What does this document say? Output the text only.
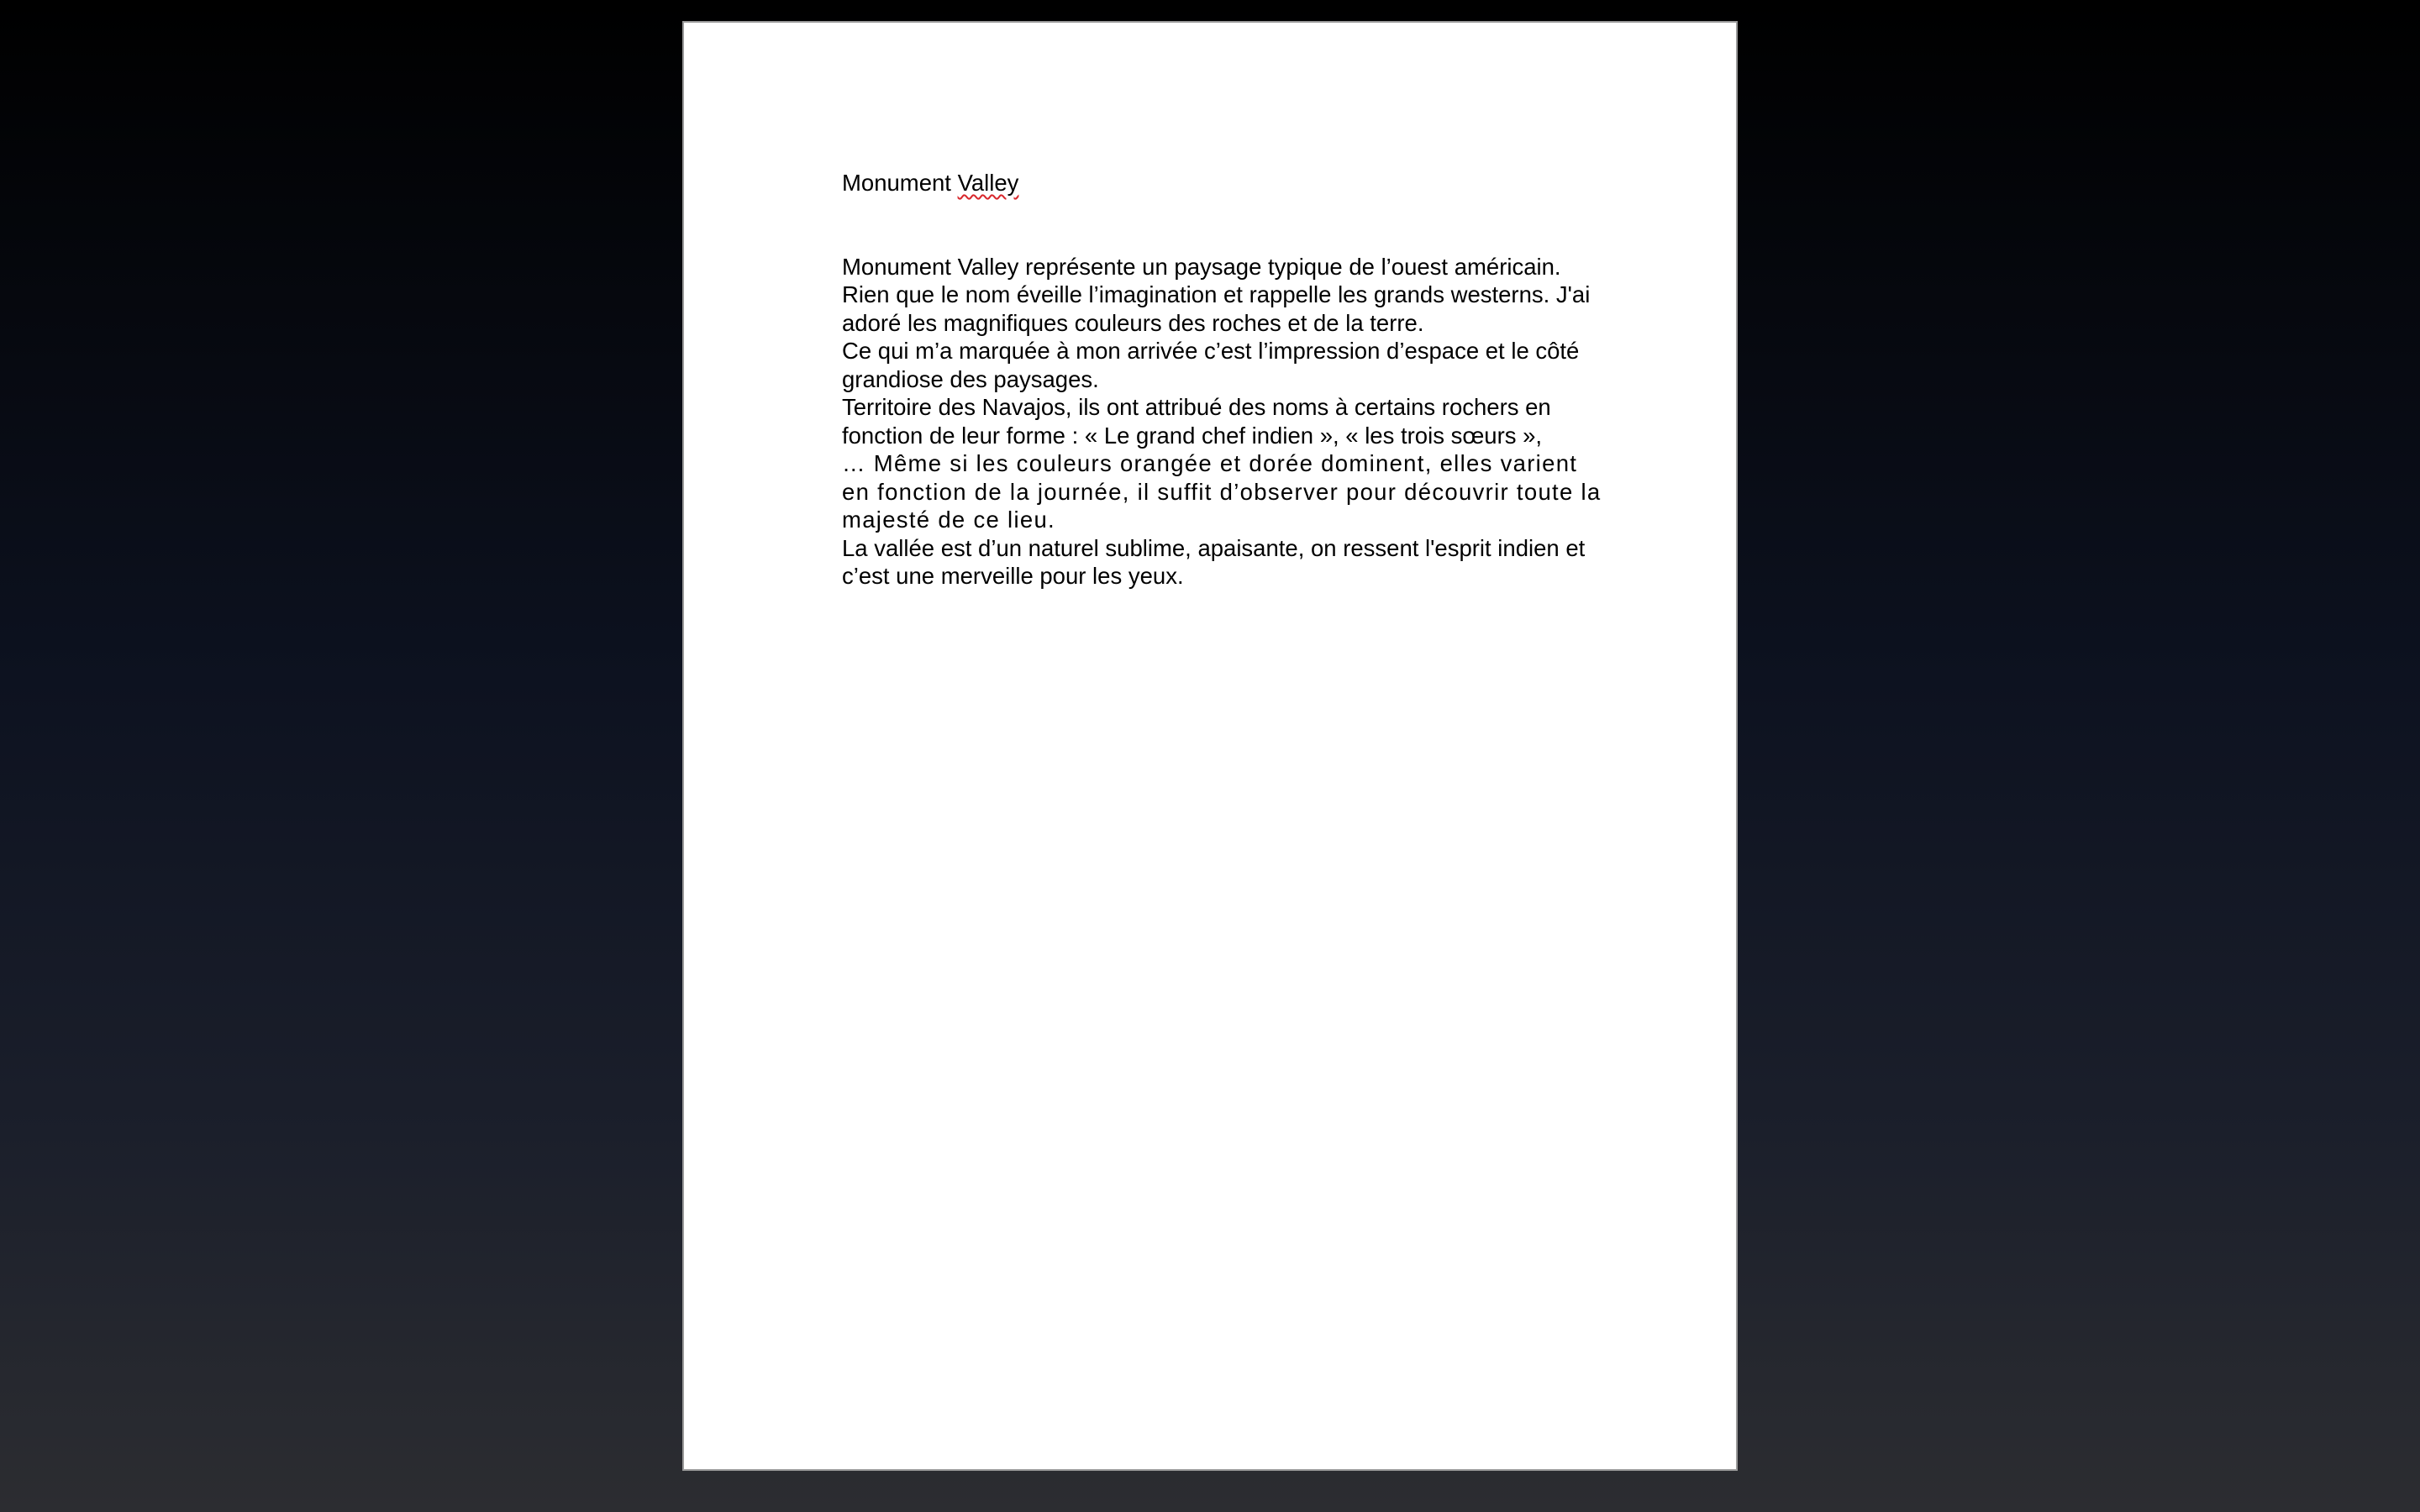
Monument Valley
Monument Valley représente un paysage typique de l’ouest américain.
Rien que le nom éveille l’imagination et rappelle les grands westerns. J'ai
adoré les magnifiques couleurs des roches et de la terre.
Ce qui m’a marquée à mon arrivée c’est l’impression d’espace et le côté
grandiose des paysages.
Territoire des Navajos, ils ont attribué des noms à certains rochers en
fonction de leur forme : « Le grand chef indien », « les trois sœurs »,
… Même si les couleurs orangée et dorée dominent, elles varient
en fonction de la journée, il suffit d’observer pour découvrir toute la
majesté de ce lieu.
La vallée est d’un naturel sublime, apaisante, on ressent l'esprit indien et
c’est une merveille pour les yeux.
